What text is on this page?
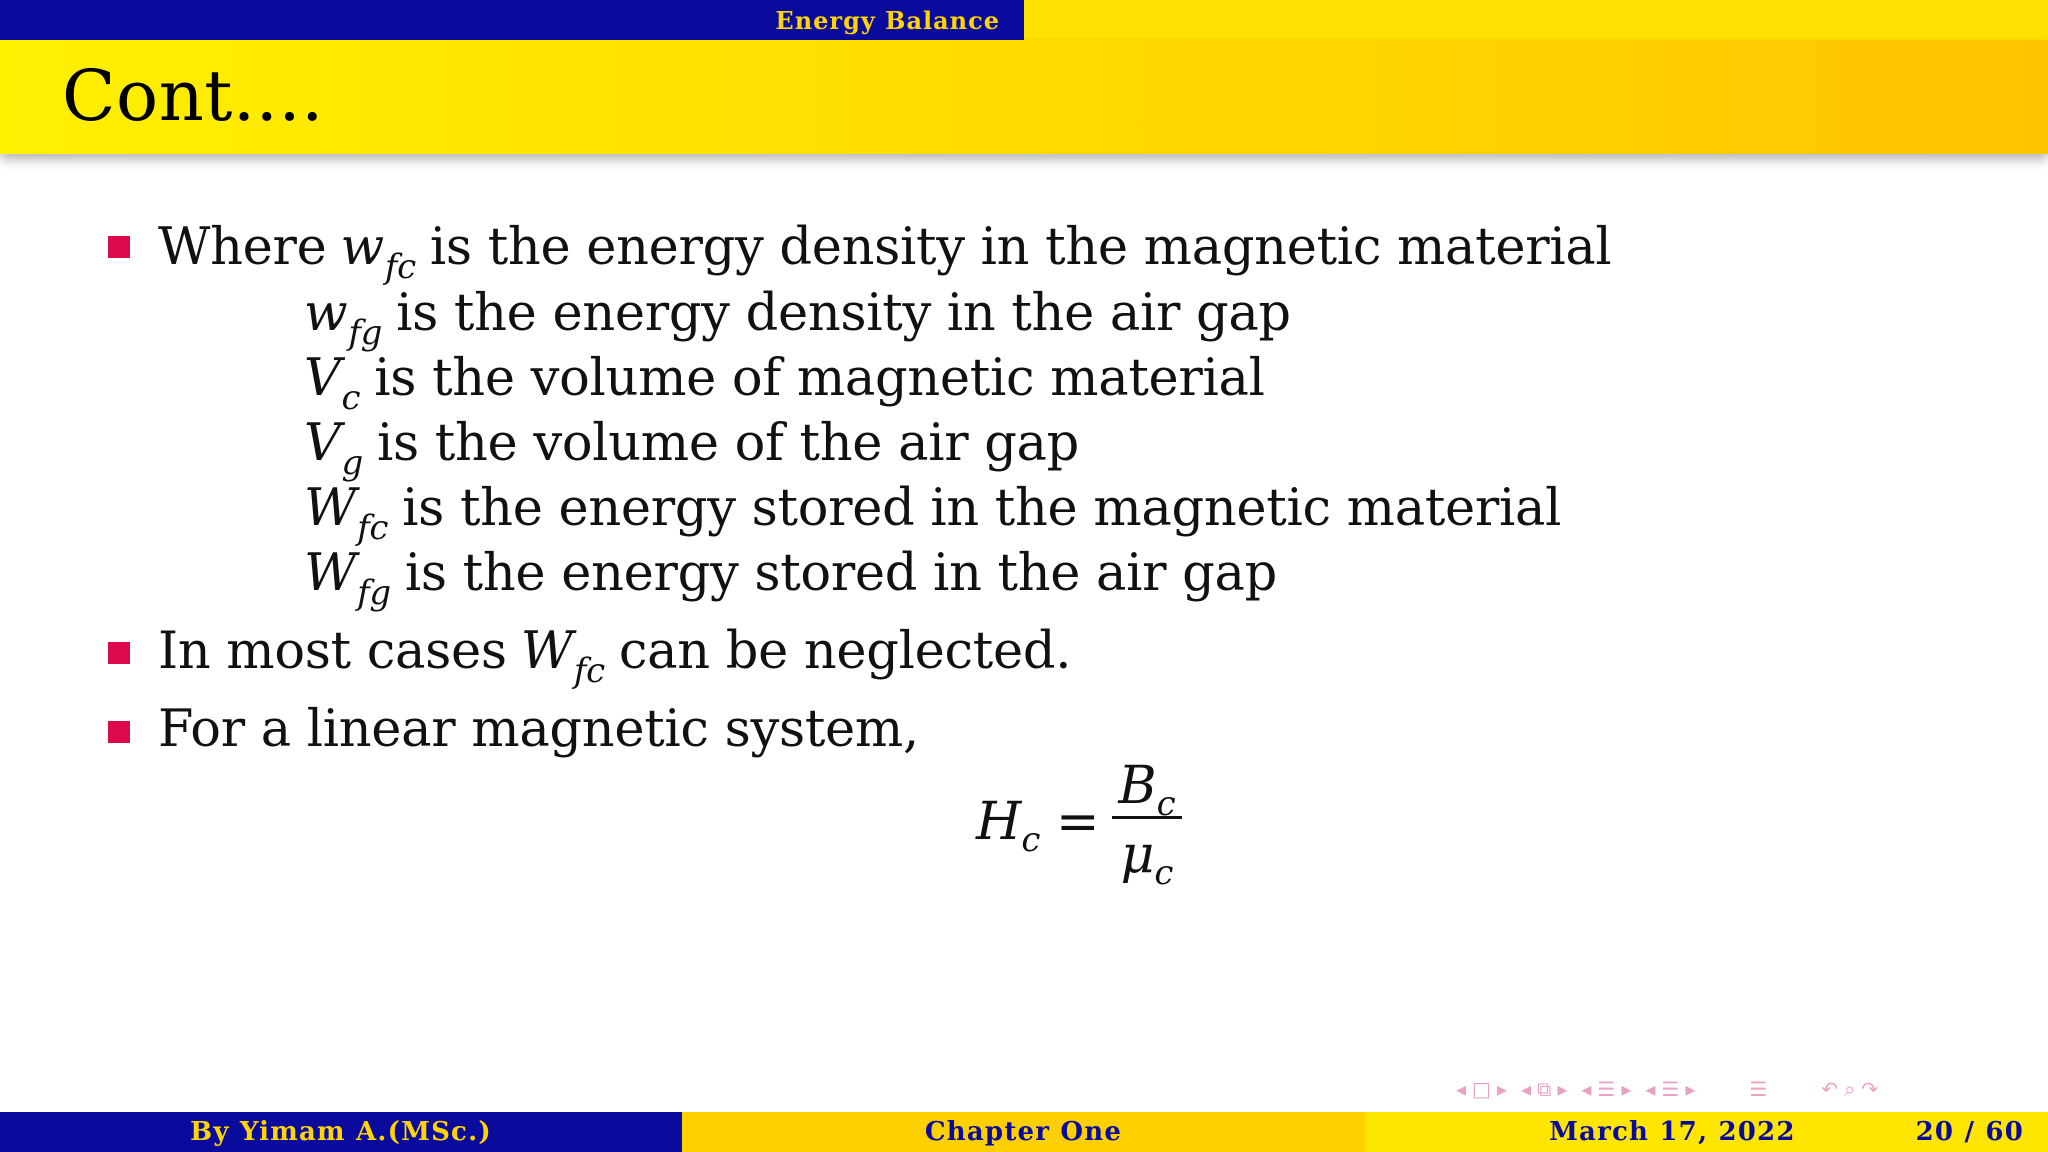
Energy Balance
Cont....
Where $w_{fc}$ is the energy density in the magnetic material
$w_{fg}$ is the energy density in the air gap
$V_c$ is the volume of magnetic material
$V_g$ is the volume of the air gap
$W_{fc}$ is the energy stored in the magnetic material
$W_{fg}$ is the energy stored in the air gap
In most cases $W_{fc}$ can be neglected.
For a linear magnetic system,
$H_c$ =
$B_c$
$\mu_c$
◂ □ ▸ ◂ ⧉ ▸ ◂ ☰ ▸ ◂ ☰ ▸	☰	↶ ⌕ ↷
By Yimam A.(MSc.)	Chapter One	March 17, 2022	20 / 60
